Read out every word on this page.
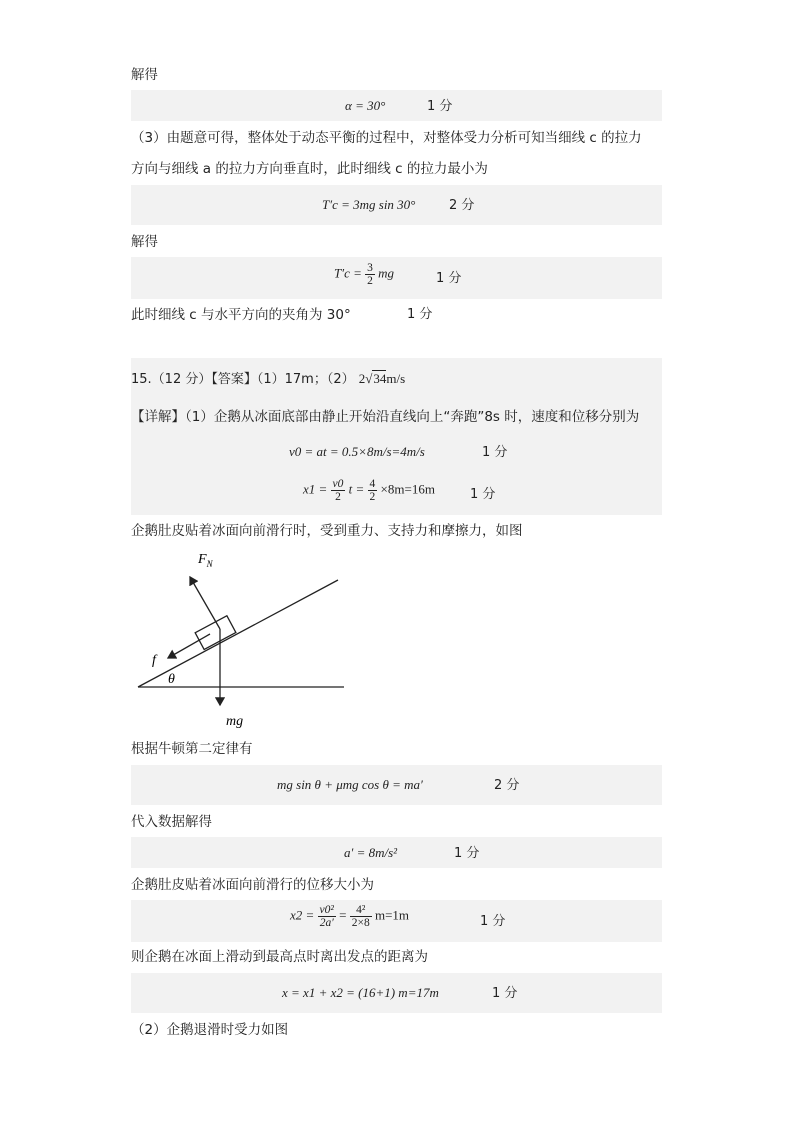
解得
α = 30°	1 分
（3）由题意可得，整体处于动态平衡的过程中，对整体受力分析可知当细线 c 的拉力
方向与细线 a 的拉力方向垂直时，此时细线 c 的拉力最小为
T′c = 3mg sin 30°	2 分
解得
$T'c = \frac{3}{2}$ mg	1 分
此时细线 c 与水平方向的夹角为 30°	1 分
15.（12 分）【答案】（1）17m；（2） 2√34m/s
【详解】（1）企鹅从冰面底部由静止开始沿直线向上“奔跑”8s 时，速度和位移分别为
v0 = at = 0.5×8m/s=4m/s	1 分
$x1 = \frac{v0}{2}$ $t = \frac{4}{2} \times 8m=16m$	1 分
企鹅肚皮贴着冰面向前滑行时，受到重力、支持力和摩擦力，如图
$F_N$
f
θ
mg
根据牛顿第二定律有
mg sin θ + μmg cos θ = ma′	2 分
代入数据解得
a′ = 8m/s²	1 分
企鹅肚皮贴着冰面向前滑行的位移大小为
$x2 = \frac{\text{v0²}}{2a'} = \frac{\text{4²}}{2\times 8} m=1m$	1 分
则企鹅在冰面上滑动到最高点时离出发点的距离为
x = x1 + x2 = (16+1) m=17m	1 分
（2）企鹅退滑时受力如图
